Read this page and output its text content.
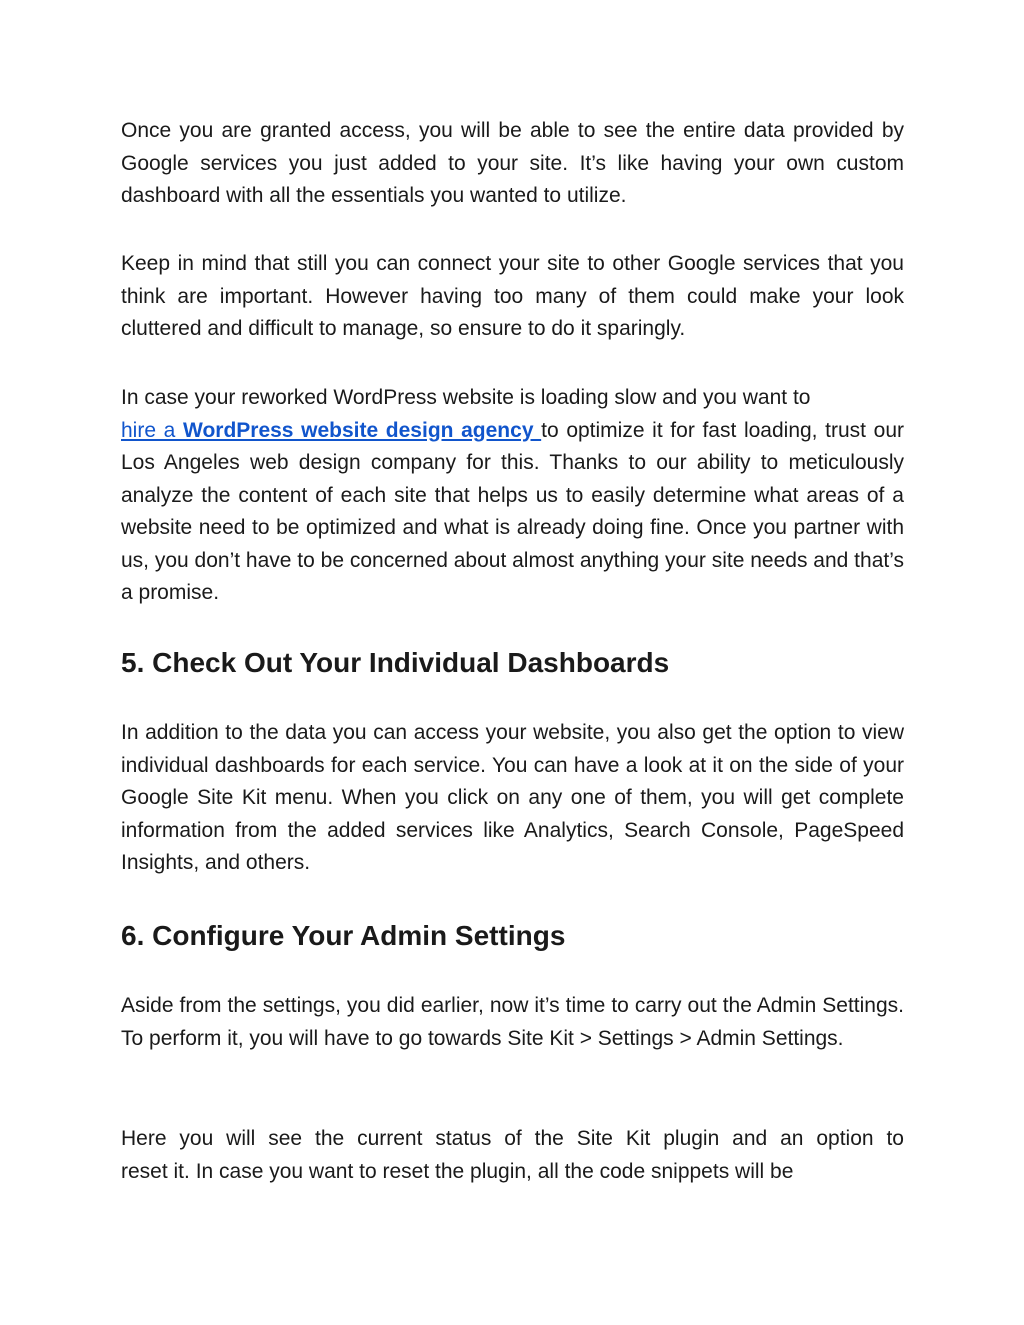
Once you are granted access, you will be able to see the entire data provided by Google services you just added to your site. It’s like having your own custom dashboard with all the essentials you wanted to utilize.

Keep in mind that still you can connect your site to other Google services that you think are important. However having too many of them could make your look cluttered and difficult to manage, so ensure to do it sparingly.

In case your reworked WordPress website is loading slow and you want to
hire a WordPress website design agency to optimize it for fast loading, trust our Los Angeles web design company for this. Thanks to our ability to meticulously analyze the content of each site that helps us to easily determine what areas of a website need to be optimized and what is already doing fine. Once you partner with us, you don’t have to be concerned about almost anything your site needs and that’s a promise.
5. Check Out Your Individual Dashboards

In addition to the data you can access your website, you also get the option to view individual dashboards for each service. You can have a look at it on the side of your Google Site Kit menu. When you click on any one of them, you will get complete information from the added services like Analytics, Search Console, PageSpeed Insights, and others.

6. Configure Your Admin Settings

Aside from the settings, you did earlier, now it’s time to carry out the Admin Settings. To perform it, you will have to go towards Site Kit > Settings > Admin Settings.

Here you will see the current status of the Site Kit plugin and an option to
reset it. In case you want to reset the plugin, all the code snippets will be
